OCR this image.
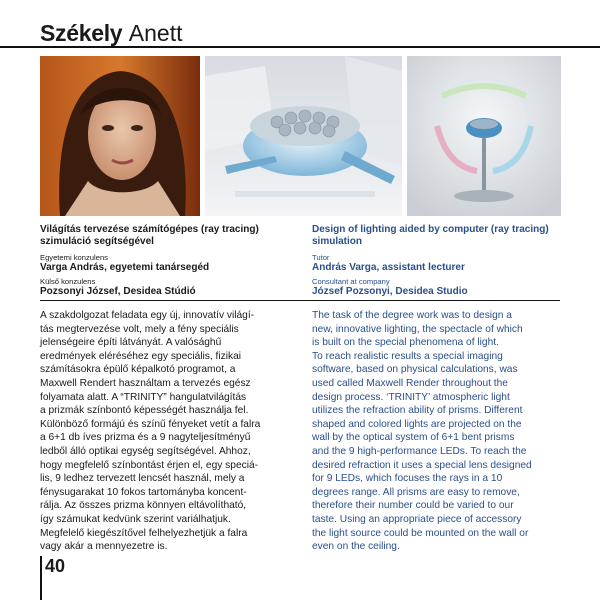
Székely Anett
Világítás tervezése számítógépes (ray tracing) szimuláció segítségével
Design of lighting aided by computer (ray tracing) simulation
Egyetemi konzulens
Varga András, egyetemi tanársegéd
Külső konzulens
Pozsonyi József, Desidea Stúdió
Tutor
András Varga, assistant lecturer
Consultant at company
József Pozsonyi, Desidea Studio

A szakdolgozat feladata egy új, innovatív világí-

tás megtervezése volt, mely a fény speciális

jelenségeire építi látványát. A valósághű

eredmények eléréséhez egy speciális, fizikai

számításokra épülő képalkotó programot, a

Maxwell Rendert használtam a tervezés egész

folyamata alatt. A “TRINITY” hangulatvilágítás

a prizmák színbontó képességét használja fel.

Különböző formájú és színű fényeket vetít a falra

a 6+1 db íves prizma és a 9 nagyteljesítményű

ledből álló optikai egység segítségével. Ahhoz,

hogy megfelelő színbontást érjen el, egy speciá-

lis, 9 ledhez tervezett lencsét használ, mely a

fénysugarakat 10 fokos tartományba koncent-

rálja. Az összes prizma könnyen eltávolítható,

így számukat kedvünk szerint variálhatjuk.

Megfelelő kiegészítővel felhelyezhetjük a falra

vagy akár a mennyezetre is.

The task of the degree work was to design a

new, innovative lighting, the spectacle of which

is built on the special phenomena of light.

To reach realistic results a special imaging

software, based on physical calculations, was

used called Maxwell Render throughout the

design process. ‘TRINITY’ atmospheric light

utilizes the refraction ability of prisms. Different

shaped and colored lights are projected on the

wall by the optical system of 6+1 bent prisms

and the 9 high-performance LEDs. To reach the

desired refraction it uses a special lens designed

for 9 LEDs, which focuses the rays in a 10

degrees range. All prisms are easy to remove,

therefore their number could be varied to our

taste. Using an appropriate piece of accessory

the light source could be mounted on the wall or

even on the ceiling.

40
